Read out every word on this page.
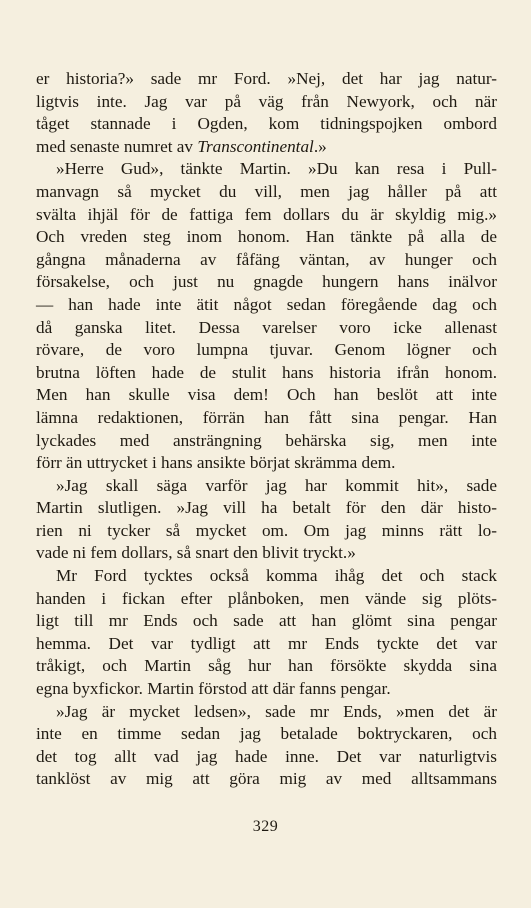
er historia?» sade mr Ford. »Nej, det har jag natur-
ligtvis inte. Jag var på väg från Newyork, och när
tåget stannade i Ogden, kom tidningspojken ombord
med senaste numret av Transcontinental.»
»Herre Gud», tänkte Martin. »Du kan resa i Pull-
manvagn så mycket du vill, men jag håller på att
svälta ihjäl för de fattiga fem dollars du är skyldig mig.»
Och vreden steg inom honom. Han tänkte på alla de
gångna månaderna av fåfäng väntan, av hunger och
försakelse, och just nu gnagde hungern hans inälvor
— han hade inte ätit något sedan föregående dag och
då ganska litet. Dessa varelser voro icke allenast
rövare, de voro lumpna tjuvar. Genom lögner och
brutna löften hade de stulit hans historia ifrån honom.
Men han skulle visa dem! Och han beslöt att inte
lämna redaktionen, förrän han fått sina pengar. Han
lyckades med ansträngning behärska sig, men inte
förr än uttrycket i hans ansikte börjat skrämma dem.
»Jag skall säga varför jag har kommit hit», sade
Martin slutligen. »Jag vill ha betalt för den där histo-
rien ni tycker så mycket om. Om jag minns rätt lo-
vade ni fem dollars, så snart den blivit tryckt.»
Mr Ford tycktes också komma ihåg det och stack
handen i fickan efter plånboken, men vände sig plöts-
ligt till mr Ends och sade att han glömt sina pengar
hemma. Det var tydligt att mr Ends tyckte det var
tråkigt, och Martin såg hur han försökte skydda sina
egna byxfickor. Martin förstod att där fanns pengar.
»Jag är mycket ledsen», sade mr Ends, »men det är
inte en timme sedan jag betalade boktryckaren, och
det tog allt vad jag hade inne. Det var naturligtvis
tanklöst av mig att göra mig av med alltsammans
329
